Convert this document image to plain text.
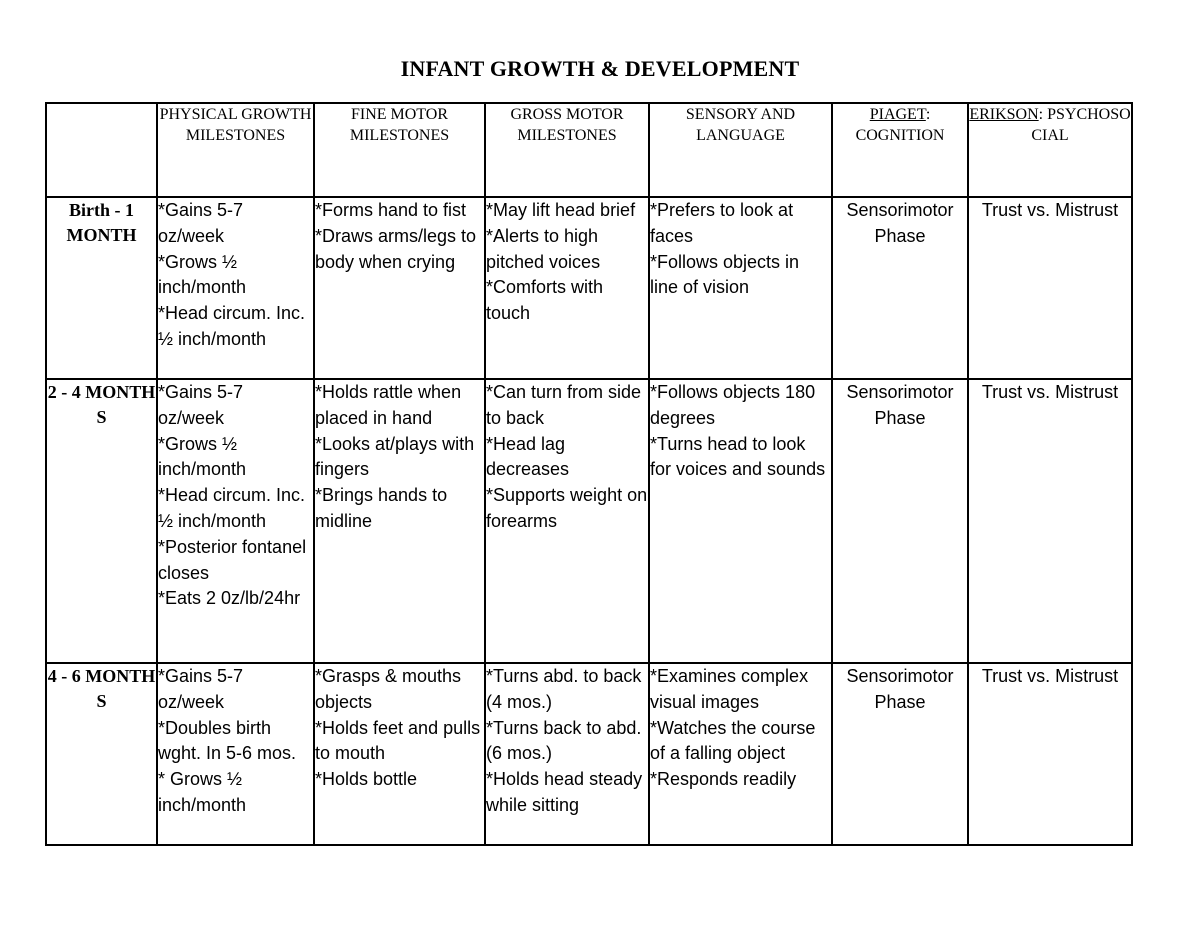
INFANT GROWTH & DEVELOPMENT
	PHYSICAL GROWTH MILESTONES	FINE MOTOR MILESTONES	GROSS MOTOR MILESTONES	SENSORY AND LANGUAGE	PIAGET: COGNITION	ERIKSON: PSYCHOSOCIAL
Birth - 1 MONTH	*Gains 5-7 oz/week
*Grows ½ inch/month
*Head circum. Inc. ½ inch/month	*Forms hand to fist
*Draws arms/legs to body when crying	*May lift head brief
*Alerts to high pitched voices
*Comforts with touch	*Prefers to look at faces
*Follows objects in line of vision	Sensorimotor Phase	Trust vs. Mistrust
2 - 4 MONTHS	*Gains 5-7 oz/week
*Grows ½ inch/month
*Head circum. Inc. ½ inch/month
*Posterior fontanel closes
*Eats 2 0z/lb/24hr	*Holds rattle when placed in hand
*Looks at/plays with fingers
*Brings hands to midline	*Can turn from side to back
*Head lag decreases
*Supports weight on forearms	*Follows objects 180 degrees
*Turns head to look for voices and sounds	Sensorimotor Phase	Trust vs. Mistrust
4 - 6 MONTHS	*Gains 5-7 oz/week
*Doubles birth wght. In 5-6 mos.
* Grows ½ inch/month	*Grasps & mouths objects
*Holds feet and pulls to mouth
*Holds bottle	*Turns abd. to back (4 mos.)
*Turns back to abd. (6 mos.)
*Holds head steady while sitting	*Examines complex visual images
*Watches the course of a falling object
*Responds readily	Sensorimotor Phase	Trust vs. Mistrust
